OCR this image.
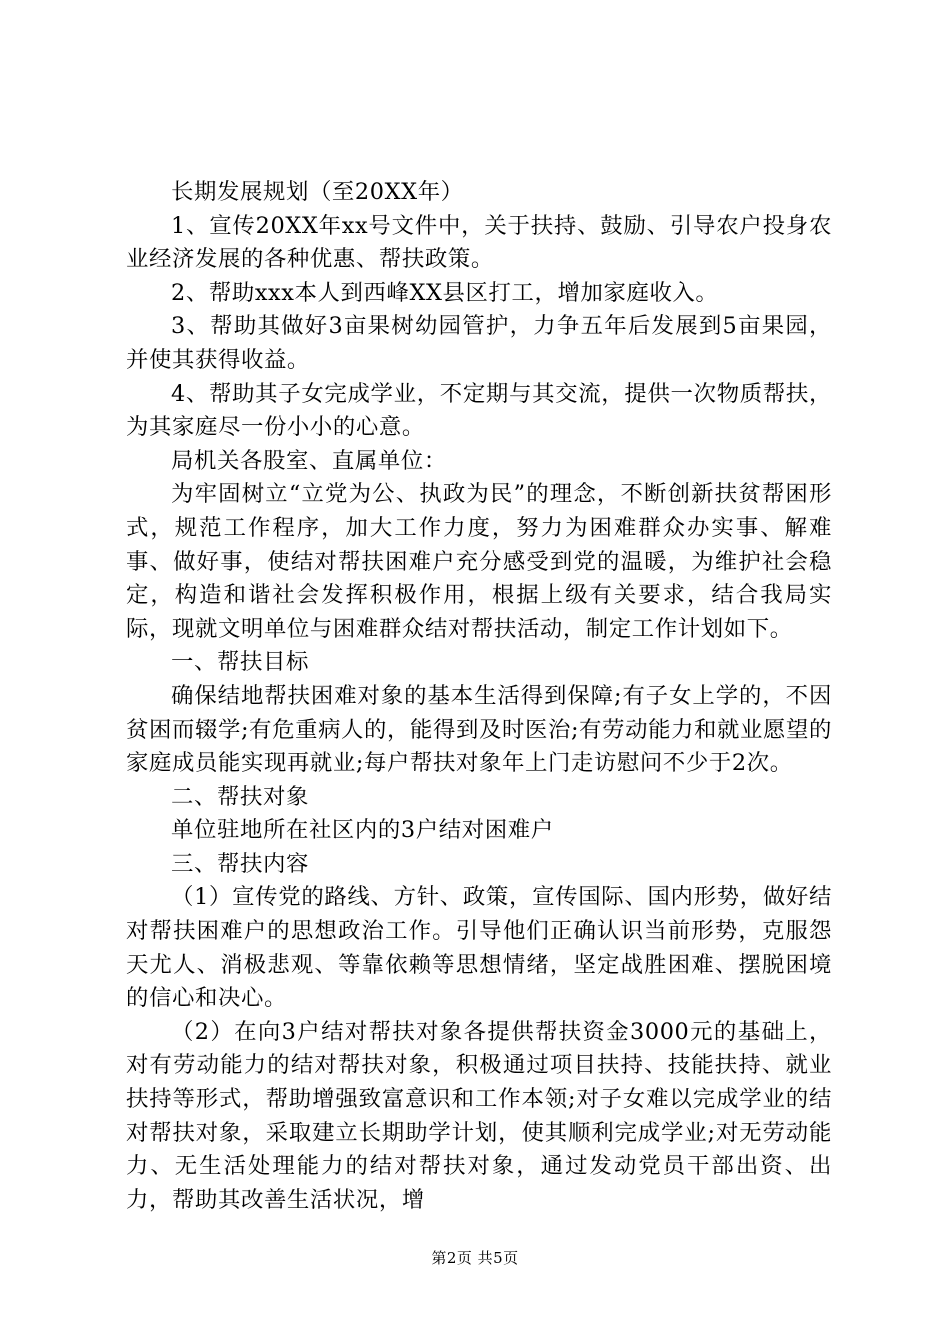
长期发展规划（至20XX年）

1、宣传20XX年xx号文件中，关于扶持、鼓励、引导农户投身农业经济发展的各种优惠、帮扶政策。

2、帮助xxx本人到西峰XX县区打工，增加家庭收入。

3、帮助其做好3亩果树幼园管护，力争五年后发展到5亩果园，并使其获得收益。

4、帮助其子女完成学业，不定期与其交流，提供一次物质帮扶，为其家庭尽一份小小的心意。

局机关各股室、直属单位：

为牢固树立“立党为公、执政为民”的理念，不断创新扶贫帮困形式，规范工作程序，加大工作力度，努力为困难群众办实事、解难事、做好事，使结对帮扶困难户充分感受到党的温暖，为维护社会稳定，构造和谐社会发挥积极作用，根据上级有关要求，结合我局实际，现就文明单位与困难群众结对帮扶活动，制定工作计划如下。

一、帮扶目标

确保结地帮扶困难对象的基本生活得到保障;有子女上学的，不因贫困而辍学;有危重病人的，能得到及时医治;有劳动能力和就业愿望的家庭成员能实现再就业;每户帮扶对象年上门走访慰问不少于2次。

二、帮扶对象

单位驻地所在社区内的3户结对困难户

三、帮扶内容

（1）宣传党的路线、方针、政策，宣传国际、国内形势，做好结对帮扶困难户的思想政治工作。引导他们正确认识当前形势，克服怨天尤人、消极悲观、等靠依赖等思想情绪，坚定战胜困难、摆脱困境的信心和决心。

（2）在向3户结对帮扶对象各提供帮扶资金3000元的基础上，对有劳动能力的结对帮扶对象，积极通过项目扶持、技能扶持、就业扶持等形式，帮助增强致富意识和工作本领;对子女难以完成学业的结对帮扶对象，采取建立长期助学计划，使其顺利完成学业;对无劳动能力、无生活处理能力的结对帮扶对象，通过发动党员干部出资、出力，帮助其改善生活状况，增

第2页 共5页
